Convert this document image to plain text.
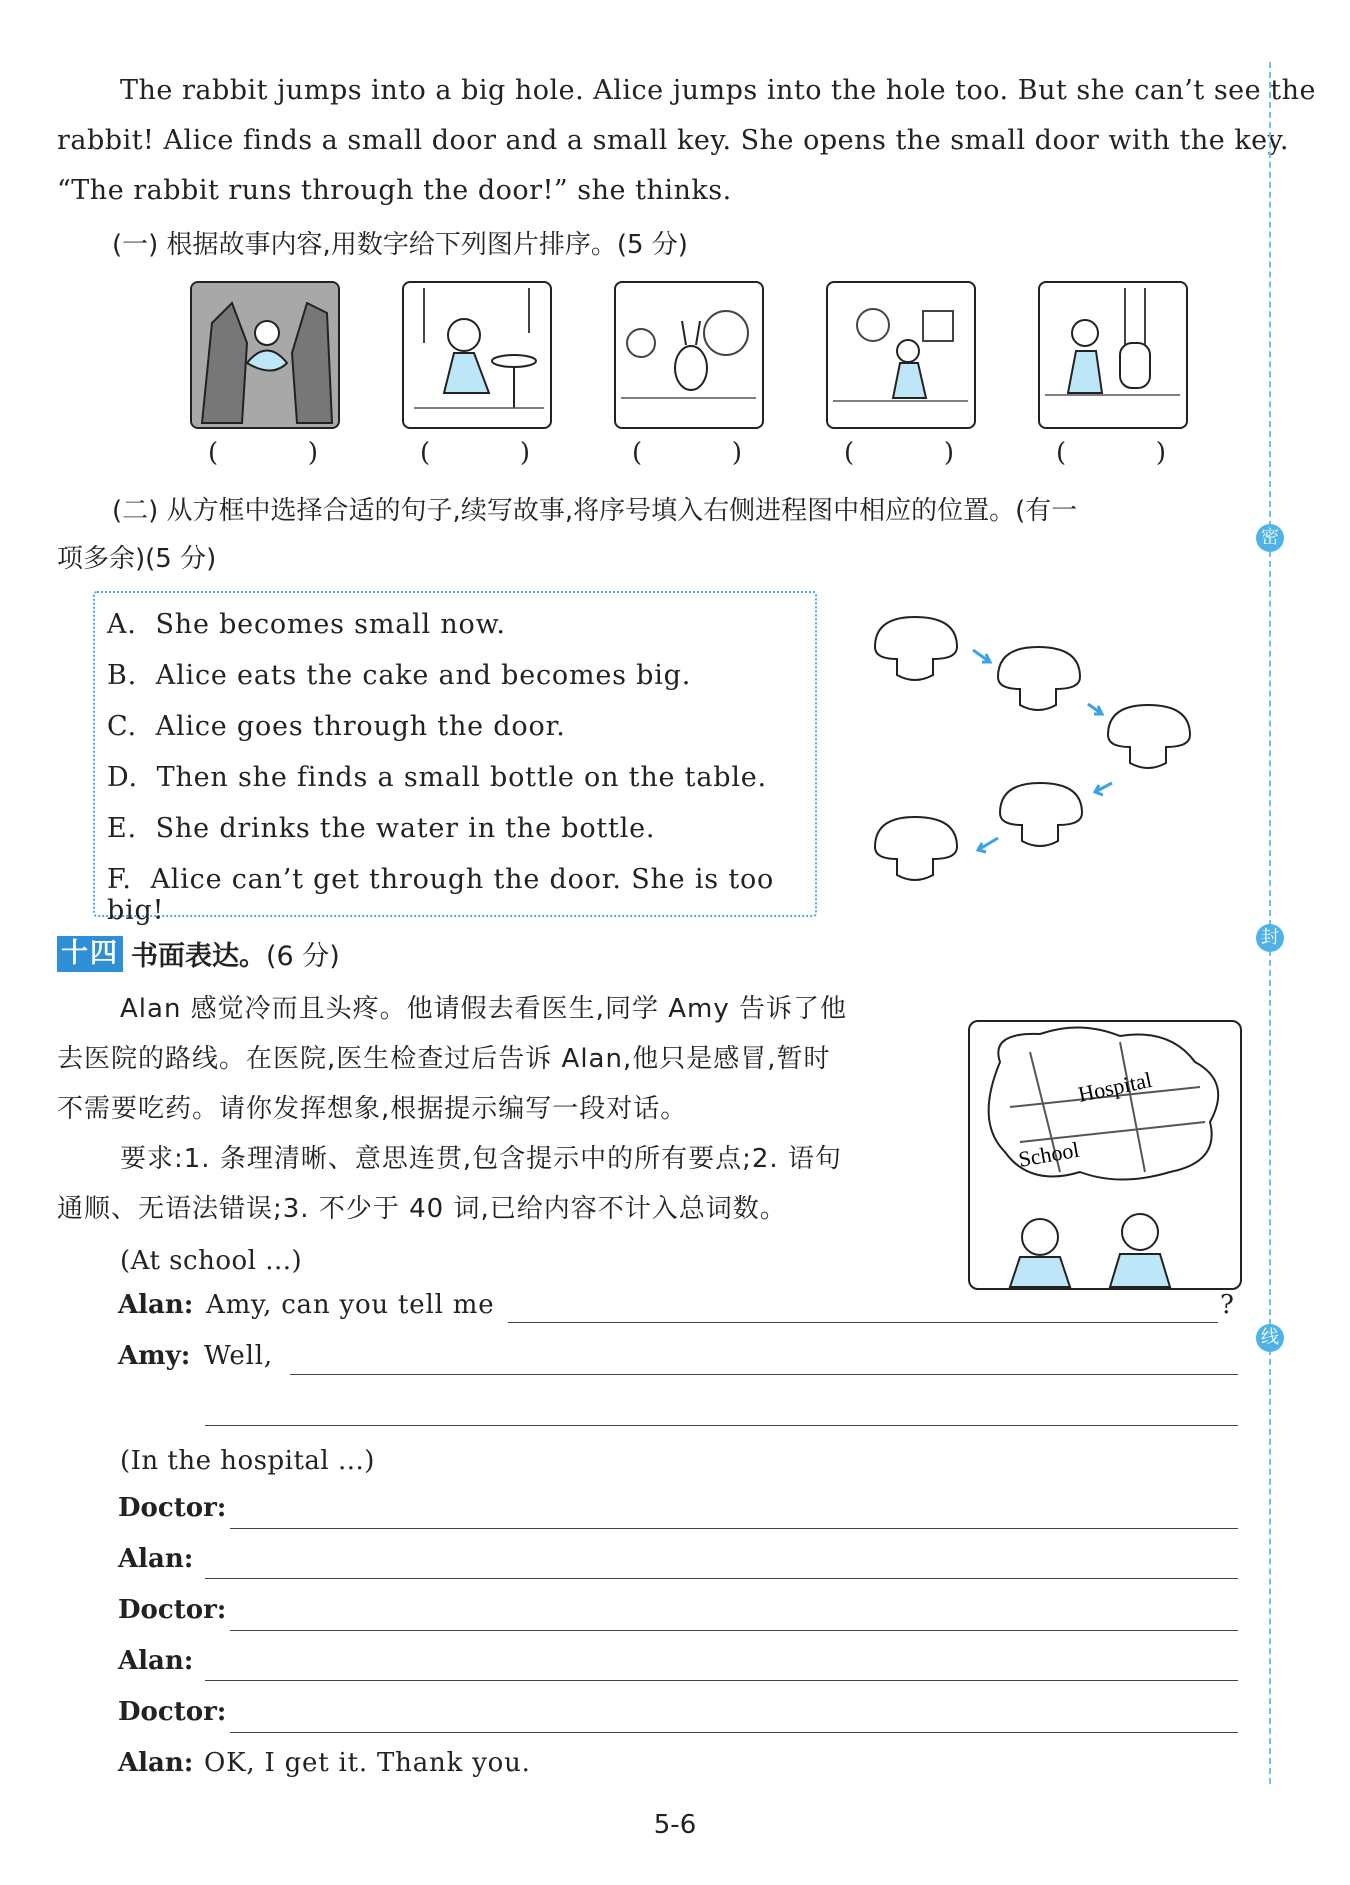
The rabbit jumps into a big hole. Alice jumps into the hole too. But she can’t see the
rabbit! Alice finds a small door and a small key. She opens the small door with the key.
“The rabbit runs through the door!” she thinks.
(一) 根据故事内容,用数字给下列图片排序。(5 分)
(	)	(	)	(	)	(	)	(	)
(二) 从方框中选择合适的句子,续写故事,将序号填入右侧进程图中相应的位置。(有一
项多余)(5 分)
A. She becomes small now.
B. Alice eats the cake and becomes big.
C. Alice goes through the door.
D. Then she finds a small bottle on the table.
E. She drinks the water in the bottle.
F. Alice can’t get through the door. She is too big!
十四 书面表达。(6 分)
Alan 感觉冷而且头疼。他请假去看医生,同学 Amy 告诉了他
去医院的路线。在医院,医生检查过后告诉 Alan,他只是感冒,暂时
不需要吃药。请你发挥想象,根据提示编写一段对话。
要求:1. 条理清晰、意思连贯,包含提示中的所有要点;2. 语句
通顺、无语法错误;3. 不少于 40 词,已给内容不计入总词数。
Hospital
School
(At school ...)
Alan: Amy, can you tell me	?
Amy: Well,
(In the hospital ...)
Doctor:
Alan:
Doctor:
Alan:
Doctor:
Alan: OK, I get it. Thank you.
密
封
线
5-6
